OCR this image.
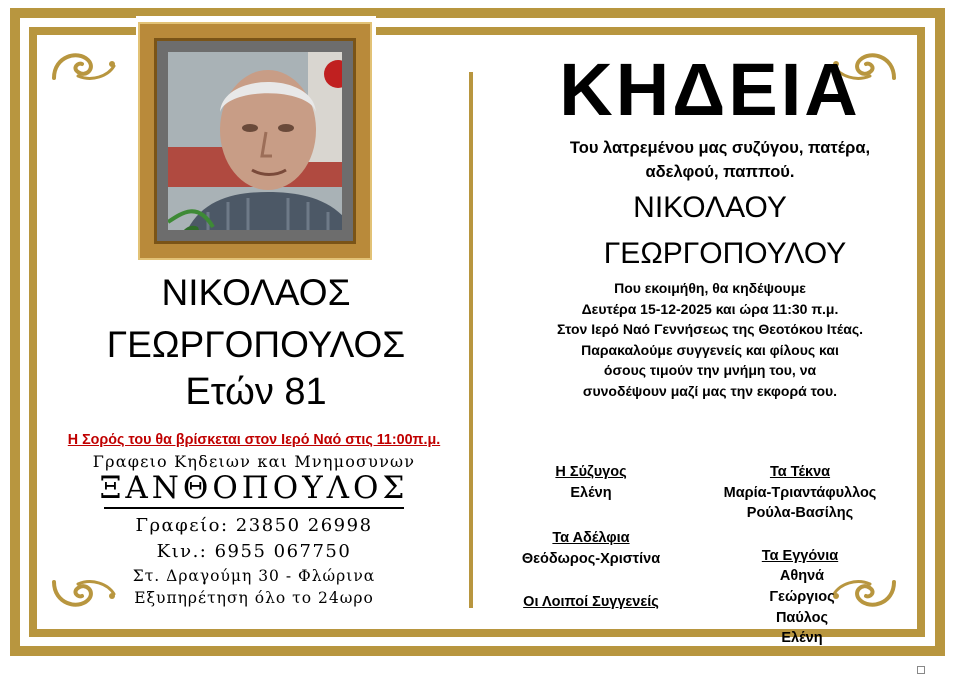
✥
ΝΙΚΟΛΑΟΣ
ΓΕΩΡΓΟΠΟΥΛΟΣ
Ετών 81
Η Σορός του θα βρίσκεται στον Ιερό Ναό στις 11:00π.μ.
Γραφειο Κηδειων και Μνημοσυνων
ΞΑΝΘΟΠΟΥΛΟΣ
Γραφείο: 23850 26998
Κιν.: 6955 067750
Στ. Δραγούμη 30 - Φλώρινα
Εξυπηρέτηση όλο το 24ωρο
ΚΗΔΕΙΑ
Του λατρεμένου μας συζύγου, πατέρα,
αδελφού, παππού.
ΝΙΚΟΛΑΟΥ
ΓΕΩΡΓΟΠΟΥΛΟΥ
Που εκοιμήθη, θα κηδέψουμε
Δευτέρα 15-12-2025 και ώρα 11:30 π.μ.
Στον Ιερό Ναό Γεννήσεως της Θεοτόκου Ιτέας.
Παρακαλούμε συγγενείς και φίλους και
όσους τιμούν την μνήμη του, να
συνοδέψουν μαζί μας την εκφορά του.
Η Σύζυγος
Ελένη
Τα Τέκνα
Μαρία-Τριαντάφυλλος
Ρούλα-Βασίλης
Τα Αδέλφια
Θεόδωρος-Χριστίνα	Τα Εγγόνια
Αθηνά
Γεώργιος
Παύλος
Ελένη
Οι Λοιποί Συγγενείς
